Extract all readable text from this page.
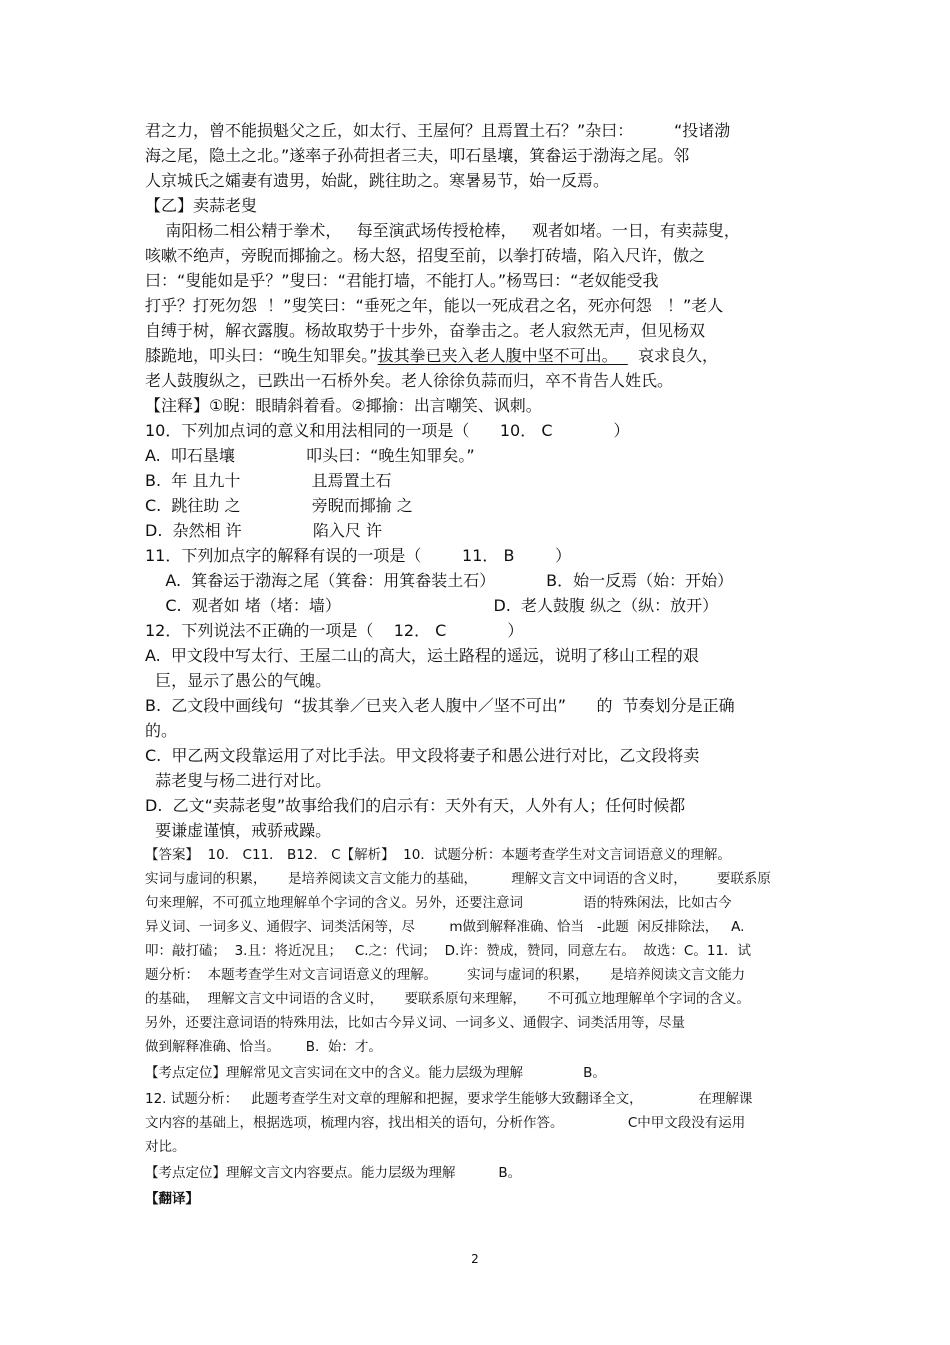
君之力，曾不能损魁父之丘，如太行、王屋何？且焉置土石？”杂曰：        “投诸渤

海之尾，隐土之北。”遂率子孙荷担者三夫，叩石垦壤，箕畚运于渤海之尾。邻

人京城氏之孀妻有遗男，始龀，跳往助之。寒暑易节，始一反焉。

【乙】卖蒜老叟

南阳杨二相公精于拳术，   每至演武场传授枪棒，   观者如堵。一日，有卖蒜叟，

咳嗽不绝声，旁睨而揶揄之。杨大怒，招叟至前，以拳打砖墙，陷入尺许，傲之

曰：“叟能如是乎？”叟曰：“君能打墙，不能打人。”杨骂曰：“老奴能受我

打乎？打死勿怨  ！”叟笑曰：“垂死之年，能以一死成君之名，死亦何怨   ！”老人

自缚于树，解衣露腹。杨故取势于十步外，奋拳击之。老人寂然无声，但见杨双

膝跪地，叩头曰：“晚生知罪矣。”拔其拳已夹入老人腹中坚不可出。    哀求良久，

老人鼓腹纵之，已跌出一石桥外矣。老人徐徐负蒜而归，卒不肯告人姓氏。

【注释】①睨：眼睛斜着看。②揶揄：出言嘲笑、讽刺。

10．下列加点词的意义和用法相同的一项是（      10． C            ）

A.  叩石垦壤              叩头曰：“晚生知罪矣。”

B.  年 且九十              且焉置土石

C.  跳往助 之              旁睨而揶揄 之

D.  杂然相 许              陷入尺 许

11．下列加点字的解释有误的一项是（        11． B        ）

A.  箕畚运于渤海之尾（箕畚：用箕畚装土石）          B．始一反焉（始：开始）

C.  观者如 堵（堵：墙）                              D.  老人鼓腹 纵之（纵：放开）

12．下列说法不正确的一项是（    12． C            ）

A.  甲文段中写太行、王屋二山的高大，运土路程的遥远，说明了移山工程的艰

巨，显示了愚公的气魄。

B.  乙文段中画线句  “拔其拳／已夹入老人腹中／坚不可出”      的  节奏划分是正确

的。

C.  甲乙两文段靠运用了对比手法。甲文段将妻子和愚公进行对比，乙文段将卖

蒜老叟与杨二进行对比。

D.  乙文“卖蒜老叟”故事给我们的启示有：天外有天，人外有人；任何时候都

要谦虚谨慎，戒骄戒躁。

【答案】  10． C11． B12． C【解析】  10．试题分析：本题考查学生对文言词语意义的理解。

实词与虚词的积累，     是培养阅读文言文能力的基础，        理解文言文中词语的含义时，       要联系原

句来理解，不可孤立地理解单个字词的含义。另外，还要注意词              语的特殊闲法，比如古今

异义词、一词多义、通假字、词类活闲等，尽        m做到解释准确、恰当   -此题  闲反排除法，   A.

叩：敲打磕；  3.且：将近况且；   C.之：代词；  D.许：赞成，赞同，同意左右。  故选：C。11．试

题分析：  本题考查学生对文言词语意义的理解。       实词与虚词的积累，     是培养阅读文言文能力

的基础，  理解文言文中词语的含义时，     要联系原句来理解，     不可孤立地理解单个字词的含义。

另外，还要注意词语的特殊用法，比如古今异义词、一词多义、通假字、词类活用等，尽量

做到解释准确、恰当。      B.  始：才。

【考点定位】理解常见文言实词在文中的含义。能力层级为理解              B。

12. 试题分析：   此题考查学生对文章的理解和把握，要求学生能够大致翻译全文，             在理解课

文内容的基础上，根据选项，梳理内容，找出相关的语句，分析作答。               C中甲文段没有运用

对比。

【考点定位】理解文言文内容要点。能力层级为理解          B。

【翻译】

2
